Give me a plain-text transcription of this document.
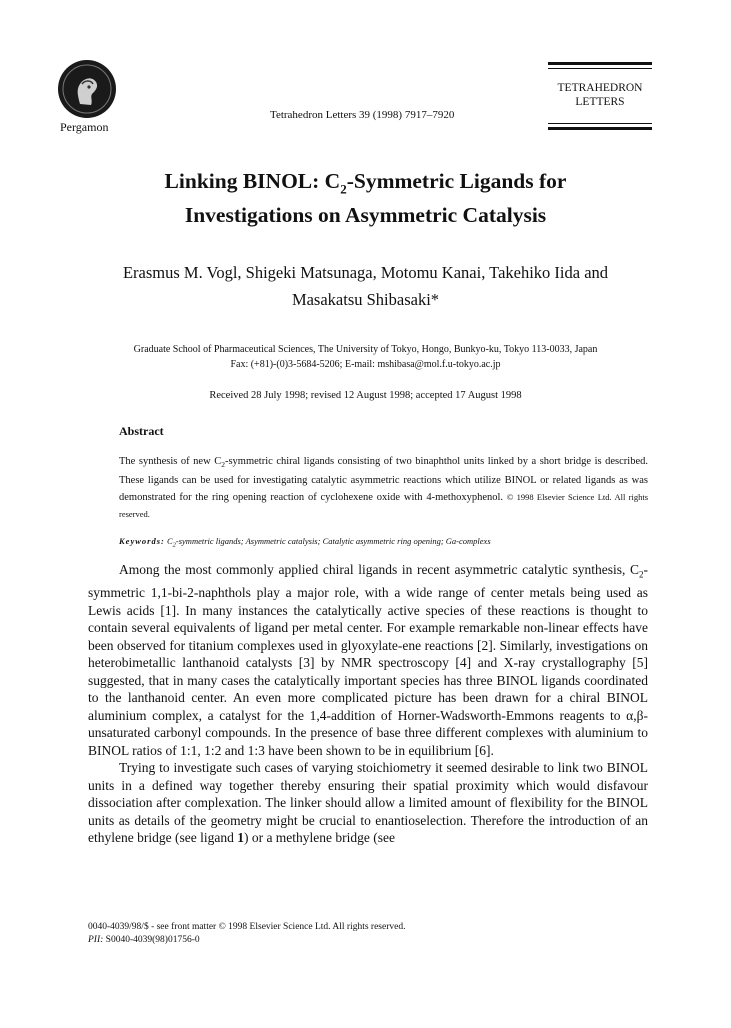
Pergamon
Tetrahedron Letters 39 (1998) 7917–7920
TETRAHEDRON
LETTERS
Linking BINOL: $C_2$-Symmetric Ligands for
Investigations on Asymmetric Catalysis
Erasmus M. Vogl, Shigeki Matsunaga, Motomu Kanai, Takehiko Iida and
Masakatsu Shibasaki*
Graduate School of Pharmaceutical Sciences, The University of Tokyo, Hongo, Bunkyo-ku, Tokyo 113-0033, Japan
Fax: (+81)-(0)3-5684-5206; E-mail: mshibasa@mol.f.u-tokyo.ac.jp
Received 28 July 1998; revised 12 August 1998; accepted 17 August 1998
Abstract
The synthesis of new $C_2$-symmetric chiral ligands consisting of two binaphthol units linked by a short bridge is described. These ligands can be used for investigating catalytic asymmetric reactions which utilize BINOL or related ligands as was demonstrated for the ring opening reaction of cyclohexene oxide with 4-methoxyphenol. © 1998 Elsevier Science Ltd. All rights reserved.
Keywords: $C_2$-symmetric ligands; Asymmetric catalysis; Catalytic asymmetric ring opening; Ga-complexs

Among the most commonly applied chiral ligands in recent asymmetric catalytic synthesis, $C_2$-symmetric 1,1-bi-2-naphthols play a major role, with a wide range of center metals being used as Lewis acids [1]. In many instances the catalytically active species of these reactions is thought to contain several equivalents of ligand per metal center. For example remarkable non-linear effects have been observed for titanium complexes used in glyoxylate-ene reactions [2]. Similarly, investigations on heterobimetallic lanthanoid catalysts [3] by NMR spectroscopy [4] and X-ray crystallography [5] suggested, that in many cases the catalytically important species has three BINOL ligands coordinated to the lanthanoid center. An even more complicated picture has been drawn for a chiral BINOL aluminium complex, a catalyst for the 1,4-addition of Horner-Wadsworth-Emmons reagents to α,β-unsaturated carbonyl compounds. In the presence of base three different complexes with aluminium to BINOL ratios of 1:1, 1:2 and 1:3 have been shown to be in equilibrium [6].

Trying to investigate such cases of varying stoichiometry it seemed desirable to link two BINOL units in a defined way together thereby ensuring their spatial proximity which would disfavour dissociation after complexation. The linker should allow a limited amount of flexibility for the BINOL units as details of the geometry might be crucial to enantioselection. Therefore the introduction of an ethylene bridge (see ligand 1) or a methylene bridge (see

0040-4039/98/$ - see front matter © 1998 Elsevier Science Ltd. All rights reserved.
PII: S0040-4039(98)01756-0
